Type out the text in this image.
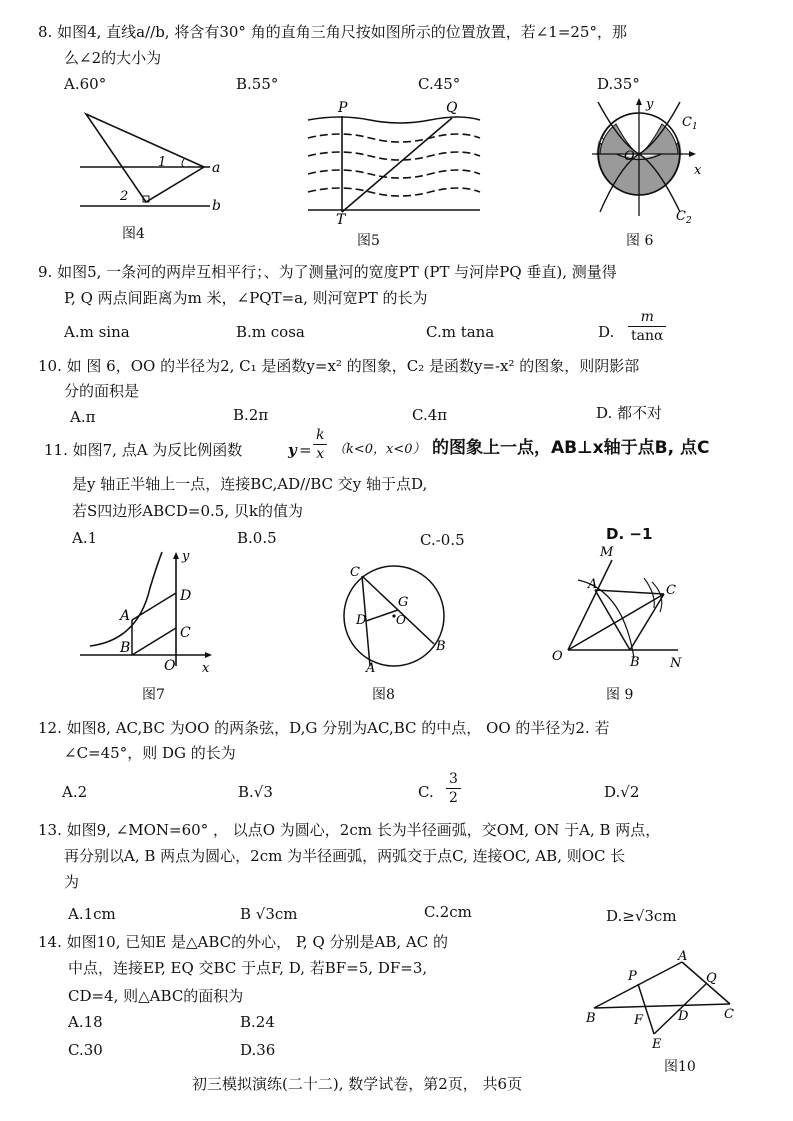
8. 如图4, 直线a//b, 将含有30° 角的直角三角尺按如图所示的位置放置，若∠1=25°，那
么∠2的大小为
A.60°	B.55°	C.45°	D.35°
1
2
a
b
图4
P	Q
T
图5
y
x
O
$C_1$
$C_2$
图 6
9. 如图5, 一条河的两岸互相平行；、为了测量河的宽度PT (PT 与河岸PQ 垂直), 测量得
P, Q 两点间距离为m 米，∠PQT=a, 则河宽PT 的长为
A.m sina	B.m cosa	C.m tana	D. $\frac{m}{\tan\alpha}$
10. 如 图 6，OO 的半径为2, C₁ 是函数y=x² 的图象，C₂ 是函数y=-x² 的图象，则阴影部
分的面积是
A.π	B.2π	C.4π	D. 都不对
11. 如图7, 点A 为反比例函数	$y = \frac{k}{x} (k<0$，x<0） 的图象上一点，AB⊥x轴于点B, 点C
是y 轴正半轴上一点，连接BC,AD//BC 交y 轴于点D,
若S四边形ABCD=0.5, 贝k的值为
A.1	B.0.5	C.-0.5	D. −1
y
x
A
B
C
D
O
图7
C
D
G
O
B
A
图8
M
A	C
O	B N
图 9
12. 如图8, AC,BC 为OO 的两条弦，D,G 分别为AC,BC 的中点， OO 的半径为2. 若
∠C=45°，则 DG 的长为
A.2	B.√3	C. $\frac{3}{2}$	D.√2
13. 如图9, ∠MON=60° ， 以点O 为圆心，2cm 长为半径画弧，交OM, ON 于A, B 两点，
再分别以A, B 两点为圆心，2cm 为半径画弧，两弧交于点C, 连接OC, AB, 则OC 长
为
A.1cm	B √3cm	C.2cm	D.≥√3cm
14. 如图10, 已知E 是△ABC的外心， P, Q 分别是AB, AC 的
中点，连接EP, EQ 交BC 于点F, D, 若BF=5, DF=3,
CD=4, 则△ABC的面积为
A.18	B.24
C.30	D.36
A
P	Q
B	F	D	C
E
图10
初三模拟演练(二十二), 数学试卷，第2页， 共6页
